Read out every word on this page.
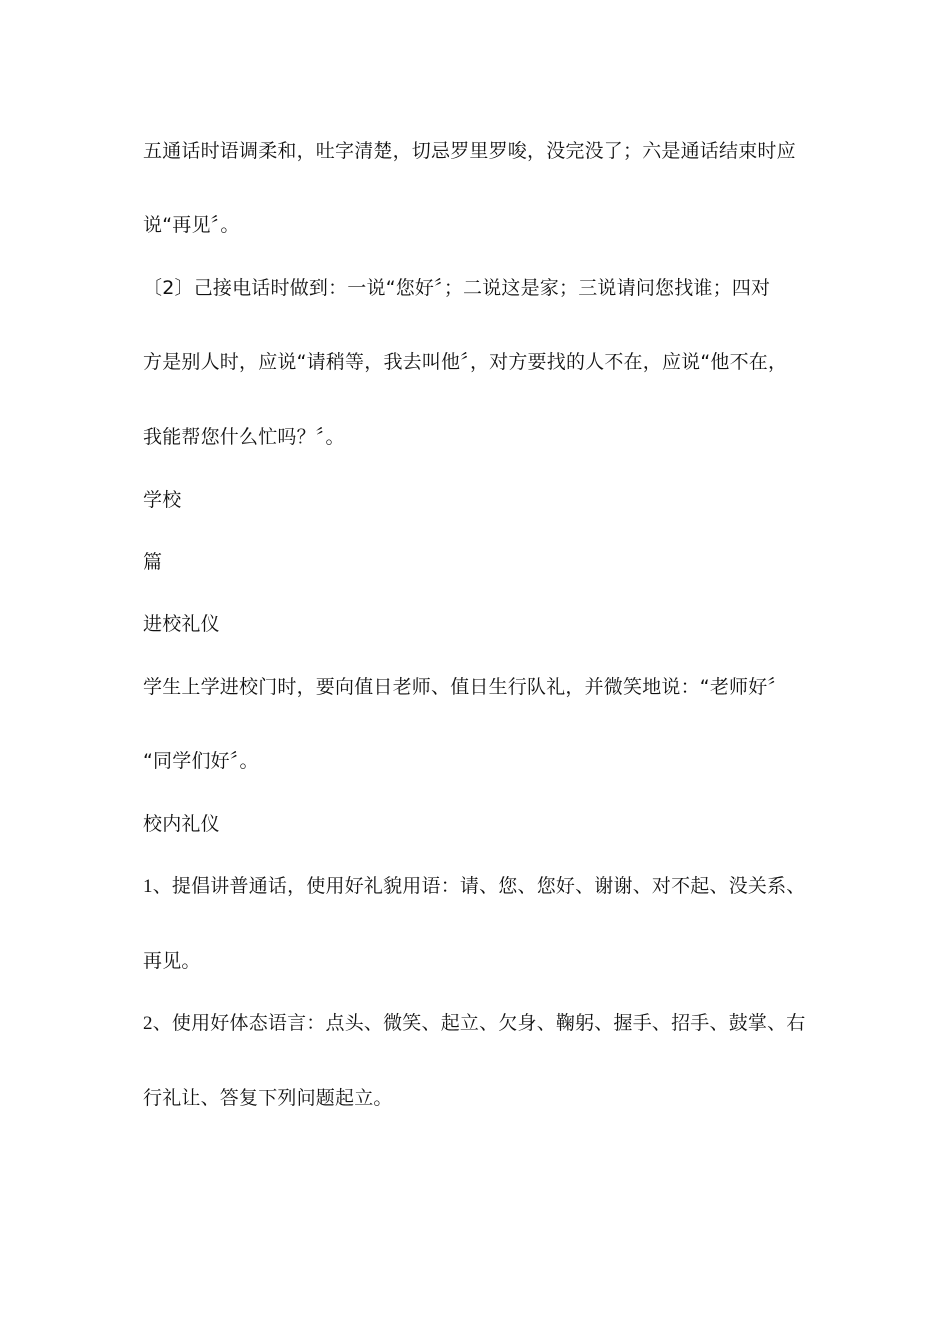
五通话时语调柔和，吐字清楚，切忌罗里罗唆，没完没了；六是通话结束时应
说“再见〞。
〔2〕己接电话时做到：一说“您好〞；二说这是家；三说请问您找谁；四对
方是别人时，应说“请稍等，我去叫他〞，对方要找的人不在，应说“他不在，
我能帮您什么忙吗？〞。
学校
篇
进校礼仪
学生上学进校门时，要向值日老师、值日生行队礼，并微笑地说：“老师好〞
“同学们好〞。
校内礼仪
1、提倡讲普通话，使用好礼貌用语：请、您、您好、谢谢、对不起、没关系、
再见。
2、使用好体态语言：点头、微笑、起立、欠身、鞠躬、握手、招手、鼓掌、右
行礼让、答复下列问题起立。
